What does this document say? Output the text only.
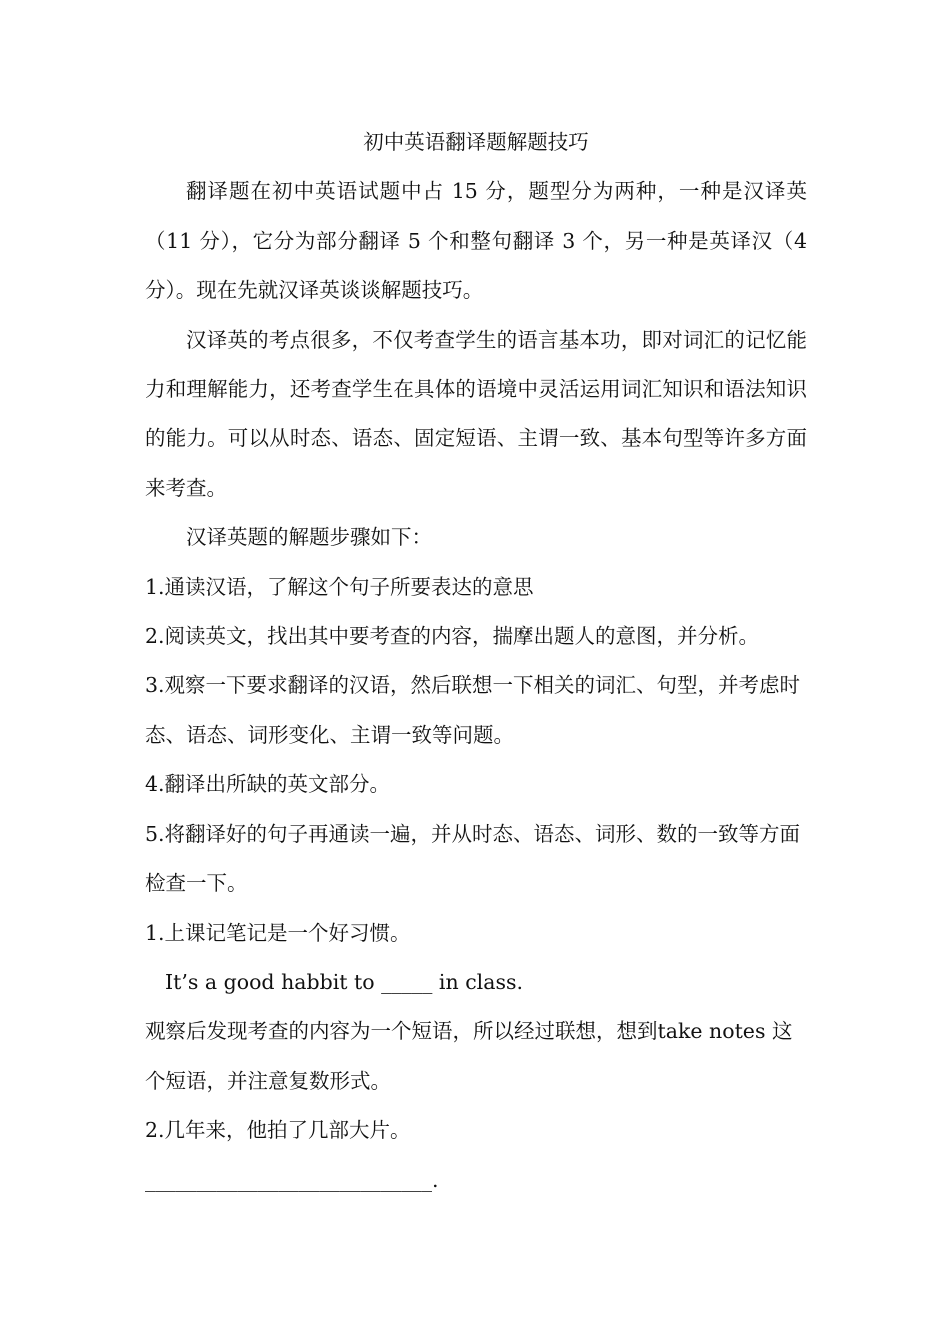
初中英语翻译题解题技巧

翻译题在初中英语试题中占 15 分，题型分为两种，一种是汉译英（11 分），它分为部分翻译 5 个和整句翻译 3 个，另一种是英译汉（4 分）。现在先就汉译英谈谈解题技巧。

汉译英的考点很多，不仅考查学生的语言基本功，即对词汇的记忆能力和理解能力，还考查学生在具体的语境中灵活运用词汇知识和语法知识的能力。可以从时态、语态、固定短语、主谓一致、基本句型等许多方面来考查。

汉译英题的解题步骤如下：

1.通读汉语，了解这个句子所要表达的意思

2.阅读英文，找出其中要考查的内容，揣摩出题人的意图，并分析。

3.观察一下要求翻译的汉语，然后联想一下相关的词汇、句型，并考虑时态、语态、词形变化、主谓一致等问题。

4.翻译出所缺的英文部分。

5.将翻译好的句子再通读一遍，并从时态、语态、词形、数的一致等方面检查一下。

1.上课记笔记是一个好习惯。

It’s a good habbit to _____ in class.

观察后发现考查的内容为一个短语，所以经过联想，想到take notes 这个短语，并注意复数形式。

2.几年来，他拍了几部大片。

____________________________.
